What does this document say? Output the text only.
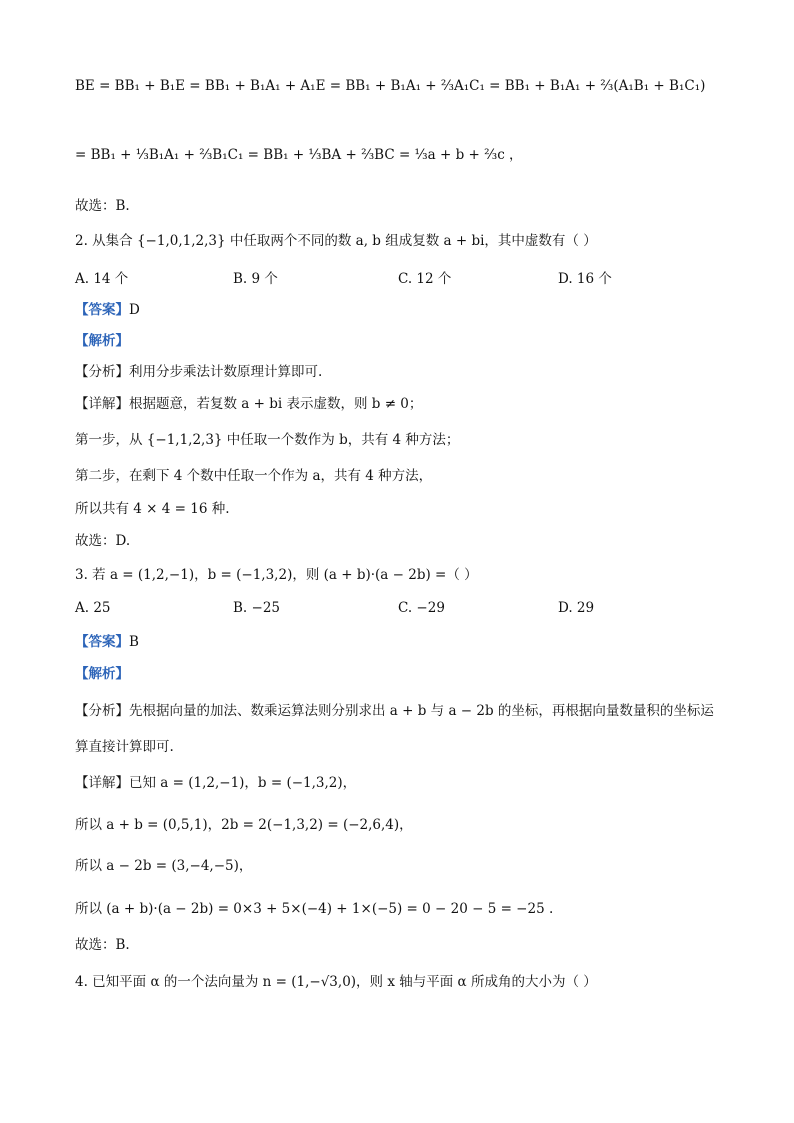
BE = BB₁ + B₁E = BB₁ + B₁A₁ + A₁E = BB₁ + B₁A₁ + ⅔A₁C₁ = BB₁ + B₁A₁ + ⅔(A₁B₁ + B₁C₁)
= BB₁ + ⅓B₁A₁ + ⅔B₁C₁ = BB₁ + ⅓BA + ⅔BC = ⅓a + b + ⅔c ，
故选：B.
2. 从集合 {−1,0,1,2,3} 中任取两个不同的数 a, b 组成复数 a + bi，其中虚数有（ ）
A. 14 个	B. 9 个	C. 12 个	D. 16 个
【答案】D
【解析】
【分析】利用分步乘法计数原理计算即可.
【详解】根据题意，若复数 a + bi 表示虚数，则 b ≠ 0；
第一步，从 {−1,1,2,3} 中任取一个数作为 b，共有 4 种方法；
第二步，在剩下 4 个数中任取一个作为 a，共有 4 种方法，
所以共有 4 × 4 = 16 种.
故选：D.
3. 若 a = (1,2,−1)，b = (−1,3,2)，则 (a + b)·(a − 2b) =（ ）
A. 25	B. −25	C. −29	D. 29
【答案】B
【解析】
【分析】先根据向量的加法、数乘运算法则分别求出 a + b 与 a − 2b 的坐标，再根据向量数量积的坐标运
算直接计算即可.
【详解】已知 a = (1,2,−1)，b = (−1,3,2)，
所以 a + b = (0,5,1)，2b = 2(−1,3,2) = (−2,6,4)，
所以 a − 2b = (3,−4,−5)，
所以 (a + b)·(a − 2b) = 0×3 + 5×(−4) + 1×(−5) = 0 − 20 − 5 = −25 .
故选：B.
4. 已知平面 α 的一个法向量为 n = (1,−√3,0)，则 x 轴与平面 α 所成角的大小为（ ）
